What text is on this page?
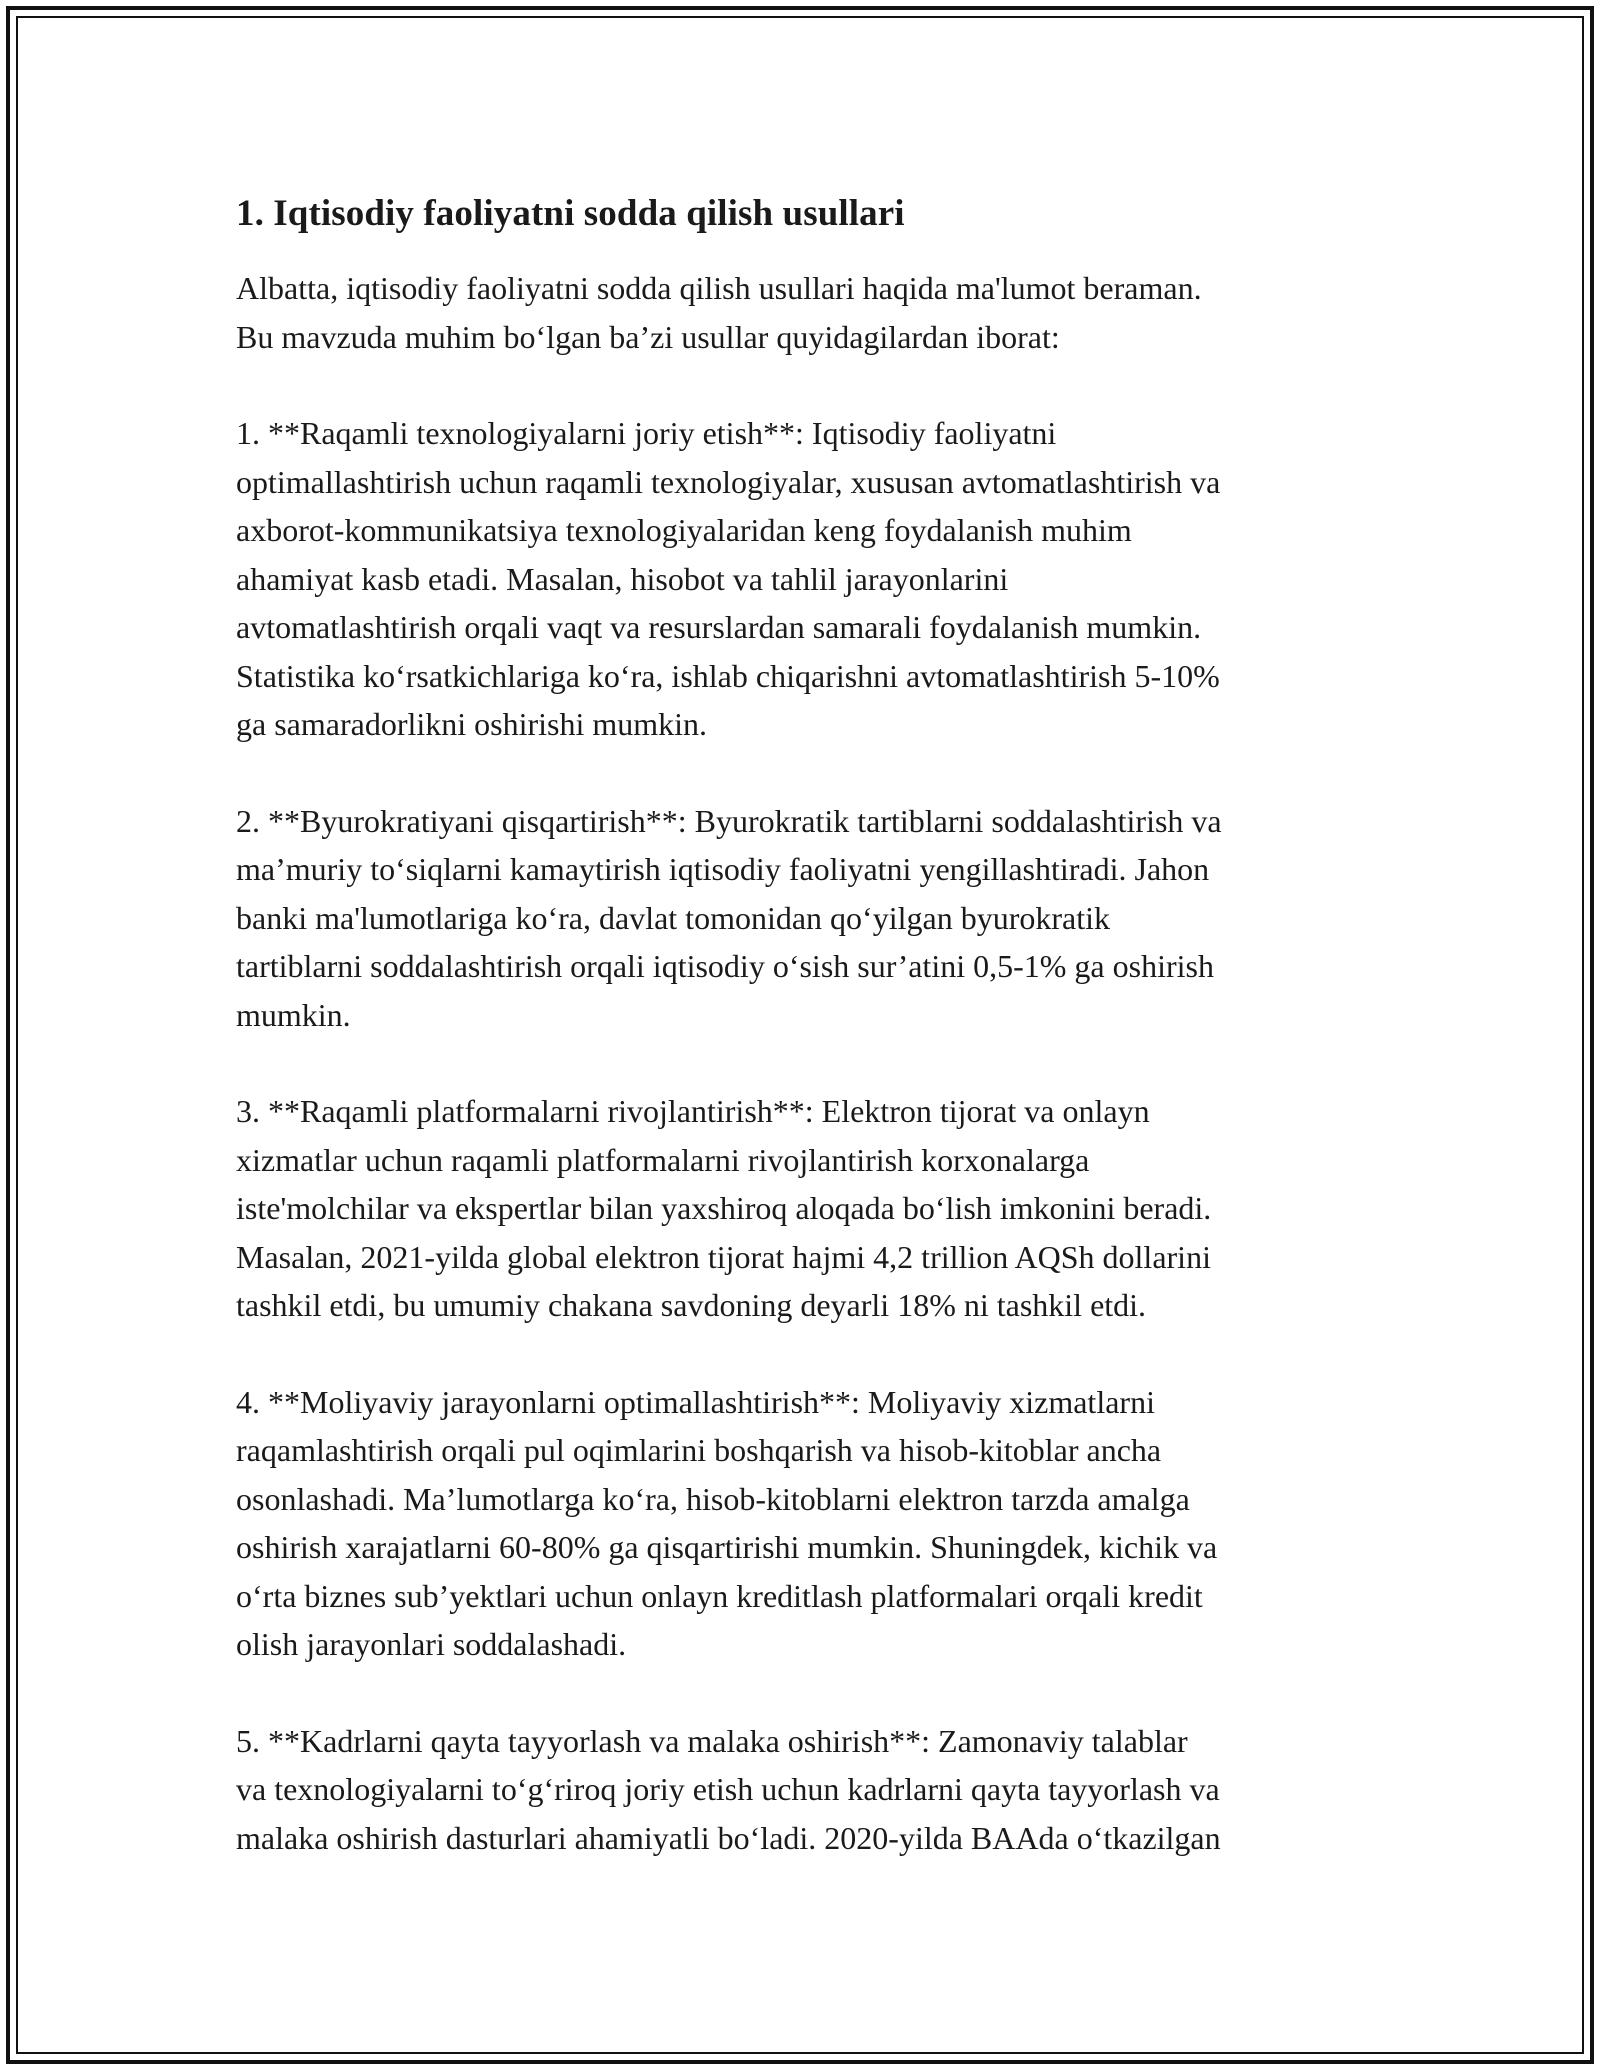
1. Iqtisodiy faoliyatni sodda qilish usullari

Albatta, iqtisodiy faoliyatni sodda qilish usullari haqida ma'lumot beraman.
Bu mavzuda muhim bo‘lgan ba’zi usullar quyidagilardan iborat:

1. **Raqamli texnologiyalarni joriy etish**: Iqtisodiy faoliyatni
optimallashtirish uchun raqamli texnologiyalar, xususan avtomatlashtirish va
axborot-kommunikatsiya texnologiyalaridan keng foydalanish muhim
ahamiyat kasb etadi. Masalan, hisobot va tahlil jarayonlarini
avtomatlashtirish orqali vaqt va resurslardan samarali foydalanish mumkin.
Statistika ko‘rsatkichlariga ko‘ra, ishlab chiqarishni avtomatlashtirish 5-10%
ga samaradorlikni oshirishi mumkin.

2. **Byurokratiyani qisqartirish**: Byurokratik tartiblarni soddalashtirish va
ma’muriy to‘siqlarni kamaytirish iqtisodiy faoliyatni yengillashtiradi. Jahon
banki ma'lumotlariga ko‘ra, davlat tomonidan qo‘yilgan byurokratik
tartiblarni soddalashtirish orqali iqtisodiy o‘sish sur’atini 0,5-1% ga oshirish
mumkin.

3. **Raqamli platformalarni rivojlantirish**: Elektron tijorat va onlayn
xizmatlar uchun raqamli platformalarni rivojlantirish korxonalarga
iste'molchilar va ekspertlar bilan yaxshiroq aloqada bo‘lish imkonini beradi.
Masalan, 2021-yilda global elektron tijorat hajmi 4,2 trillion AQSh dollarini
tashkil etdi, bu umumiy chakana savdoning deyarli 18% ni tashkil etdi.

4. **Moliyaviy jarayonlarni optimallashtirish**: Moliyaviy xizmatlarni
raqamlashtirish orqali pul oqimlarini boshqarish va hisob-kitoblar ancha
osonlashadi. Ma’lumotlarga ko‘ra, hisob-kitoblarni elektron tarzda amalga
oshirish xarajatlarni 60-80% ga qisqartirishi mumkin. Shuningdek, kichik va
o‘rta biznes sub’yektlari uchun onlayn kreditlash platformalari orqali kredit
olish jarayonlari soddalashadi.

5. **Kadrlarni qayta tayyorlash va malaka oshirish**: Zamonaviy talablar
va texnologiyalarni to‘g‘riroq joriy etish uchun kadrlarni qayta tayyorlash va
malaka oshirish dasturlari ahamiyatli bo‘ladi. 2020-yilda BAAda o‘tkazilgan
